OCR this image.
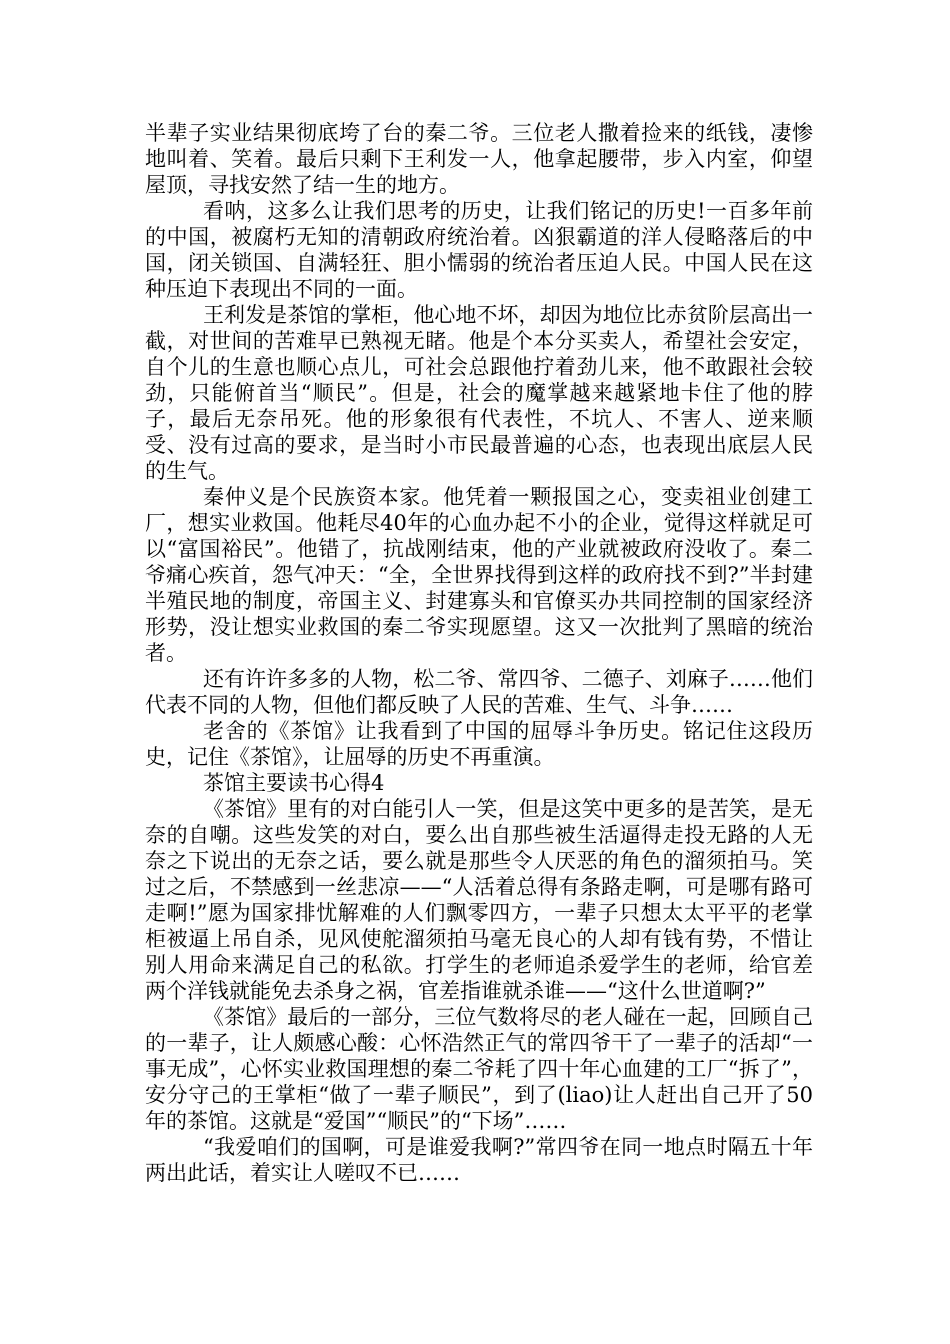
半辈子实业结果彻底垮了台的秦二爷。三位老人撒着捡来的纸钱，凄惨地叫着、笑着。最后只剩下王利发一人，他拿起腰带，步入内室，仰望屋顶，寻找安然了结一生的地方。

看呐，这多么让我们思考的历史，让我们铭记的历史!一百多年前的中国，被腐朽无知的清朝政府统治着。凶狠霸道的洋人侵略落后的中国，闭关锁国、自满轻狂、胆小懦弱的统治者压迫人民。中国人民在这种压迫下表现出不同的一面。

王利发是茶馆的掌柜，他心地不坏，却因为地位比赤贫阶层高出一截，对世间的苦难早已熟视无睹。他是个本分买卖人，希望社会安定，自个儿的生意也顺心点儿，可社会总跟他拧着劲儿来，他不敢跟社会较劲，只能俯首当“顺民”。但是，社会的魔掌越来越紧地卡住了他的脖子，最后无奈吊死。他的形象很有代表性，不坑人、不害人、逆来顺受、没有过高的要求，是当时小市民最普遍的心态，也表现出底层人民的生气。

秦仲义是个民族资本家。他凭着一颗报国之心，变卖祖业创建工厂，想实业救国。他耗尽40年的心血办起不小的企业，觉得这样就足可以“富国裕民”。他错了，抗战刚结束，他的产业就被政府没收了。秦二爷痛心疾首，怨气冲天：“全，全世界找得到这样的政府找不到?”半封建半殖民地的制度，帝国主义、封建寡头和官僚买办共同控制的国家经济形势，没让想实业救国的秦二爷实现愿望。这又一次批判了黑暗的统治者。

还有许许多多的人物，松二爷、常四爷、二德子、刘麻子……他们代表不同的人物，但他们都反映了人民的苦难、生气、斗争……

老舍的《茶馆》让我看到了中国的屈辱斗争历史。铭记住这段历史，记住《茶馆》，让屈辱的历史不再重演。

茶馆主要读书心得4

《茶馆》里有的对白能引人一笑，但是这笑中更多的是苦笑，是无奈的自嘲。这些发笑的对白，要么出自那些被生活逼得走投无路的人无奈之下说出的无奈之话，要么就是那些令人厌恶的角色的溜须拍马。笑过之后，不禁感到一丝悲凉——“人活着总得有条路走啊，可是哪有路可走啊!”愿为国家排忧解难的人们飘零四方，一辈子只想太太平平的老掌柜被逼上吊自杀，见风使舵溜须拍马毫无良心的人却有钱有势，不惜让别人用命来满足自己的私欲。打学生的老师追杀爱学生的老师，给官差两个洋钱就能免去杀身之祸，官差指谁就杀谁——“这什么世道啊?”

《茶馆》最后的一部分，三位气数将尽的老人碰在一起，回顾自己的一辈子，让人颇感心酸：心怀浩然正气的常四爷干了一辈子的活却“一事无成”，心怀实业救国理想的秦二爷耗了四十年心血建的工厂“拆了”，安分守己的王掌柜“做了一辈子顺民”，到了(liao)让人赶出自己开了50年的茶馆。这就是“爱国”“顺民”的“下场”……

“我爱咱们的国啊，可是谁爱我啊?”常四爷在同一地点时隔五十年两出此话，着实让人嗟叹不已……
